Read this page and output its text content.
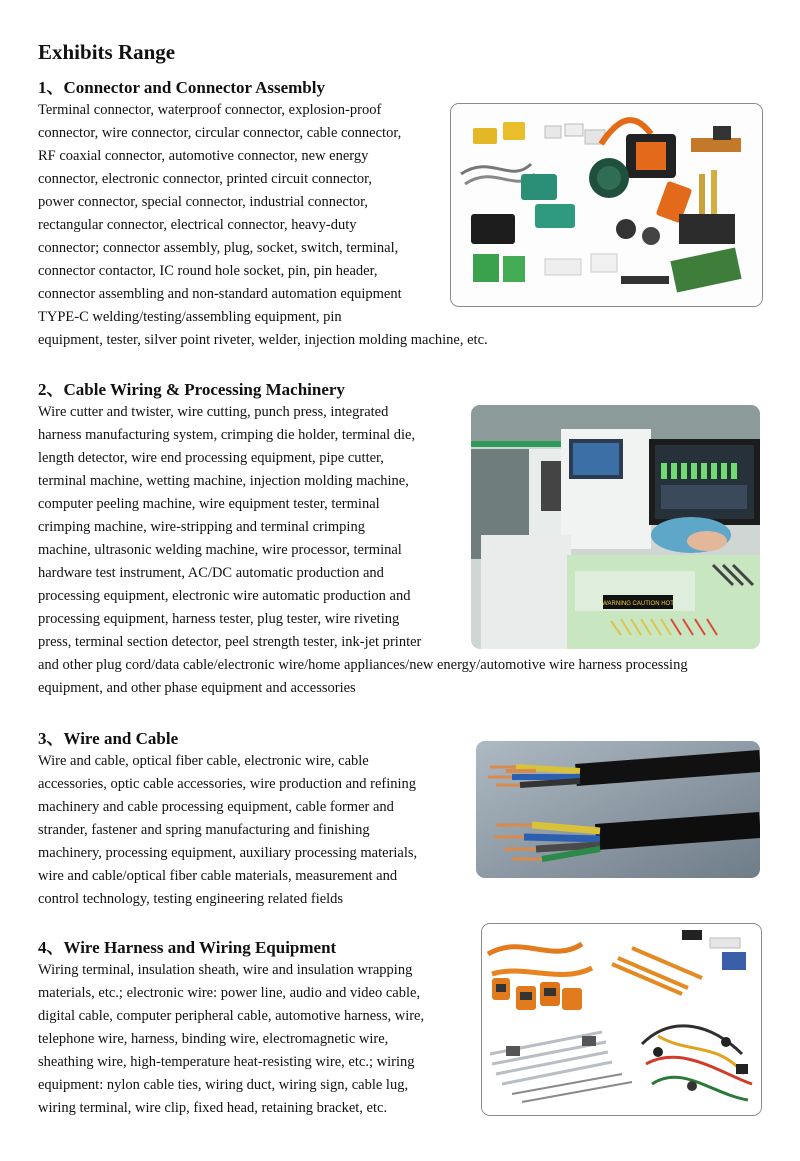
Exhibits Range
1、Connector and Connector Assembly

Terminal connector, waterproof connector, explosion-proof
connector, wire connector, circular connector, cable connector,
RF coaxial connector, automotive connector, new energy
connector, electronic connector, printed circuit connector,
power connector, special connector, industrial connector,
rectangular connector, electrical connector, heavy-duty
connector; connector assembly, plug, socket, switch, terminal,
connector contactor, IC round hole socket, pin, pin header,
connector assembling and non-standard automation equipment
TYPE-C welding/testing/assembling equipment, pin
equipment, tester, silver point riveter, welder, injection molding machine, etc.

2、Cable Wiring & Processing Machinery

Wire cutter and twister, wire cutting, punch press, integrated
harness manufacturing system, crimping die holder, terminal die,
length detector, wire end processing equipment, pipe cutter,
terminal machine, wetting machine, injection molding machine,
computer peeling machine, wire equipment tester, terminal
crimping machine, wire-stripping and terminal crimping
machine, ultrasonic welding machine, wire processor, terminal
hardware test instrument, AC/DC automatic production and
processing equipment, electronic wire automatic production and
processing equipment, harness tester, plug tester, wire riveting
press, terminal section detector, peel strength tester, ink-jet printer
and other plug cord/data cable/electronic wire/home appliances/new energy/automotive wire harness processing
equipment, and other phase equipment and accessories

WARNING CAUTION HOT
3、Wire and Cable

Wire and cable, optical fiber cable, electronic wire, cable
accessories, optic cable accessories, wire production and refining
machinery and cable processing equipment, cable former and
strander, fastener and spring manufacturing and finishing
machinery, processing equipment, auxiliary processing materials,
wire and cable/optical fiber cable materials, measurement and
control technology, testing engineering related fields

4、Wire Harness and Wiring Equipment

Wiring terminal, insulation sheath, wire and insulation wrapping
materials, etc.; electronic wire: power line, audio and video cable,
digital cable, computer peripheral cable, automotive harness, wire,
telephone wire, harness, binding wire, electromagnetic wire,
sheathing wire, high-temperature heat-resisting wire, etc.; wiring
equipment: nylon cable ties, wiring duct, wiring sign, cable lug,
wiring terminal, wire clip, fixed head, retaining bracket, etc.
